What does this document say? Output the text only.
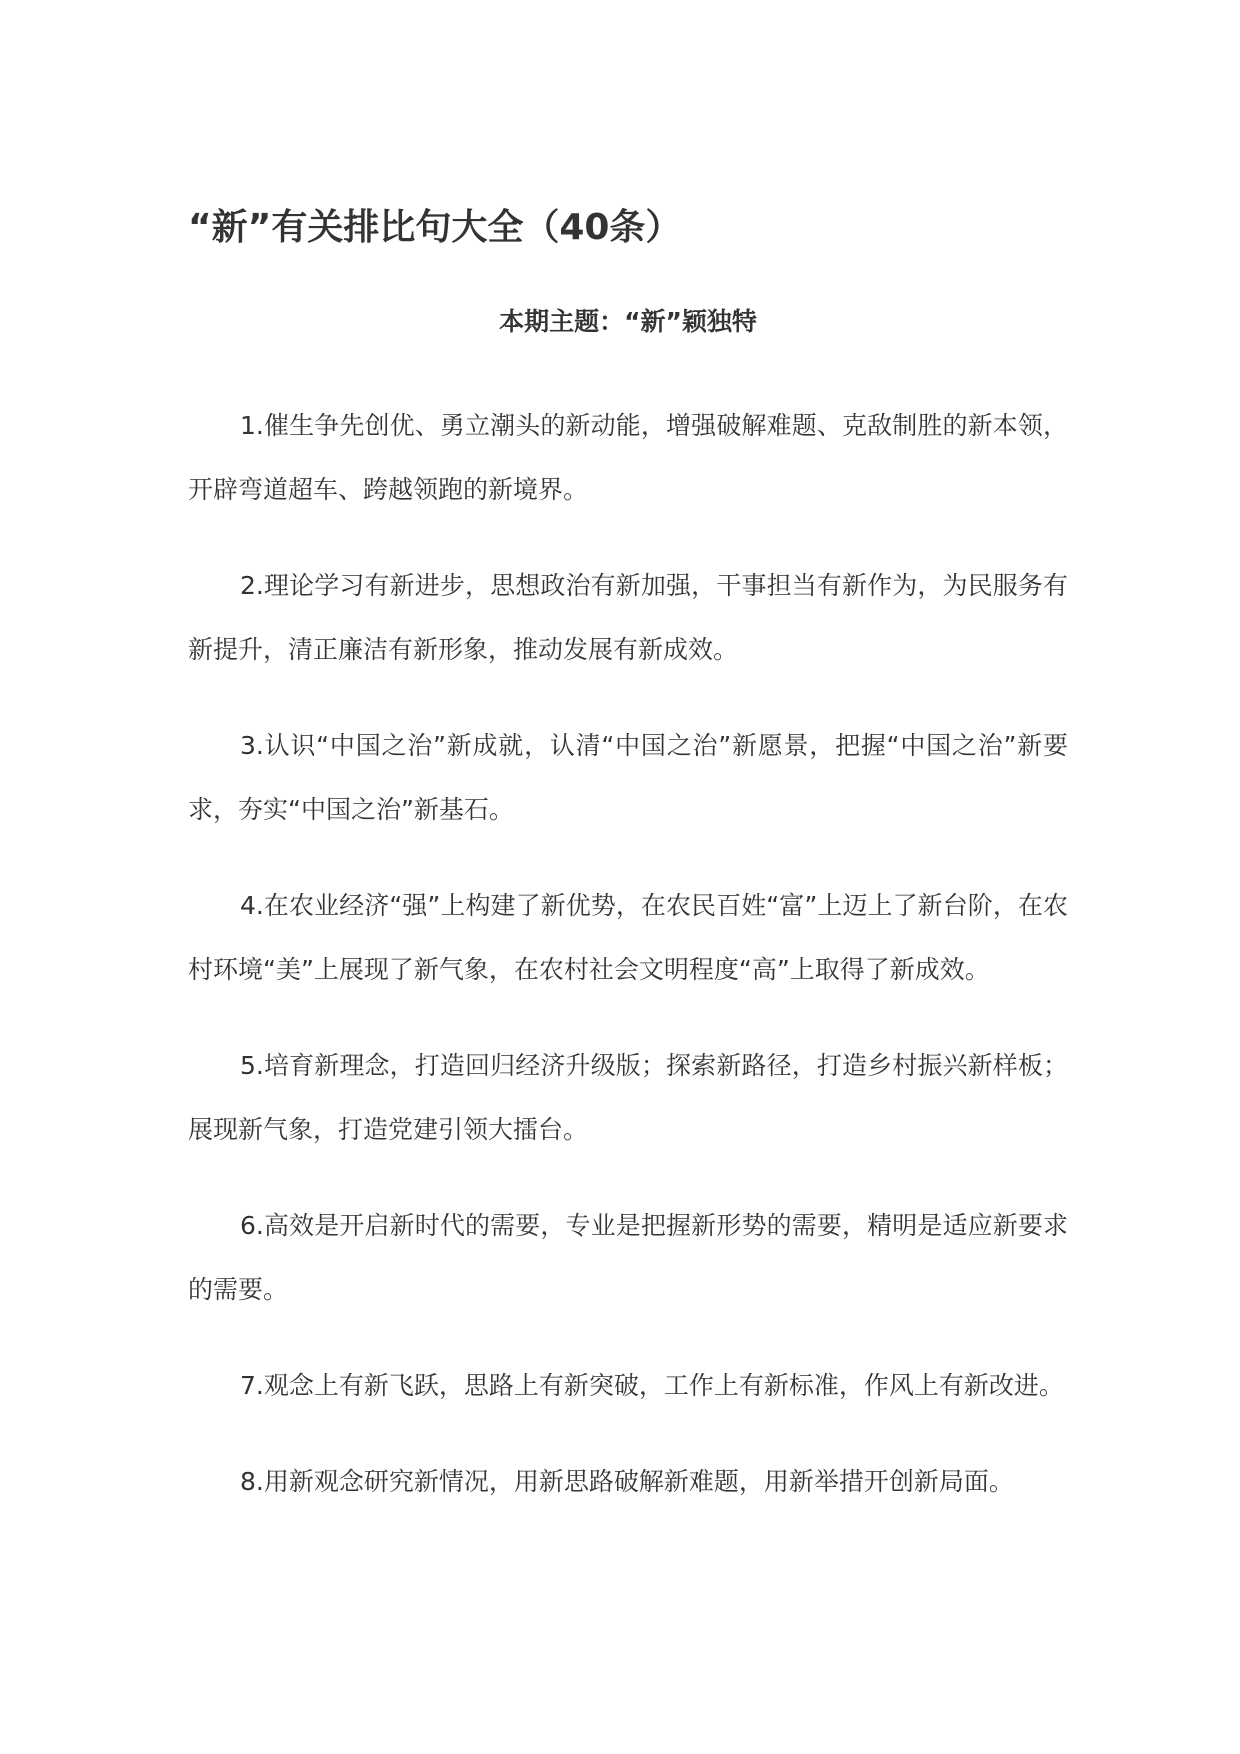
“新”有关排比句大全（40条）
本期主题：“新”颖独特

1.催生争先创优、勇立潮头的新动能，增强破解难题、克敌制胜的新本领，开辟弯道超车、跨越领跑的新境界。

2.理论学习有新进步，思想政治有新加强，干事担当有新作为，为民服务有新提升，清正廉洁有新形象，推动发展有新成效。

3.认识“中国之治”新成就，认清“中国之治”新愿景，把握“中国之治”新要求，夯实“中国之治”新基石。

4.在农业经济“强”上构建了新优势，在农民百姓“富”上迈上了新台阶，在农村环境“美”上展现了新气象，在农村社会文明程度“高”上取得了新成效。

5.培育新理念，打造回归经济升级版；探索新路径，打造乡村振兴新样板；展现新气象，打造党建引领大擂台。

6.高效是开启新时代的需要，专业是把握新形势的需要，精明是适应新要求的需要。

7.观念上有新飞跃，思路上有新突破，工作上有新标准，作风上有新改进。

8.用新观念研究新情况，用新思路破解新难题，用新举措开创新局面。
